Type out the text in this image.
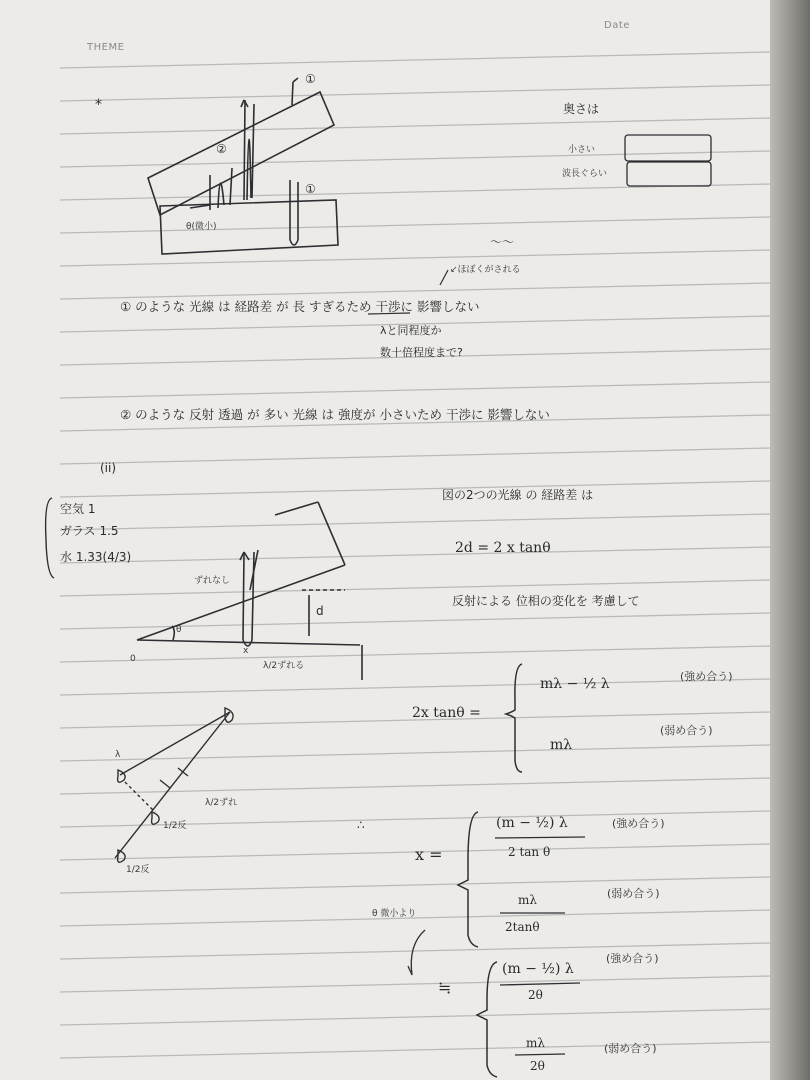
THEME
Date
*
①
①
②
θ(微小)
奥さは
小さい
波長ぐらい
〜〜
↙ほぼくがされる
① のような 光線 は 経路差 が 長 すぎるため 干渉に 影響しない
λと同程度か
数十倍程度まで?
② のような 反射 透過 が 多い 光線 は 強度が 小さいため 干渉に 影響しない
(ii)
空気 1
ガラス 1.5
水 1.33(4/3)
ずれなし
λ/2ずれる
0
θ
x
d
図の2つの光線 の 経路差 は
2d = 2 x tanθ
反射による 位相の変化を 考慮して
2x tanθ =
mλ − ½ λ	(強め合う)
mλ
(弱め合う)
∴
x =
(m − ½) λ
2 tan θ
(強め合う)
mλ
2tanθ
(弱め合う)
θ 微小より
≒
(m − ½) λ
2θ
(強め合う)
mλ
2θ
(弱め合う)
λ
λ/2ずれ
1/2反
1/2反
